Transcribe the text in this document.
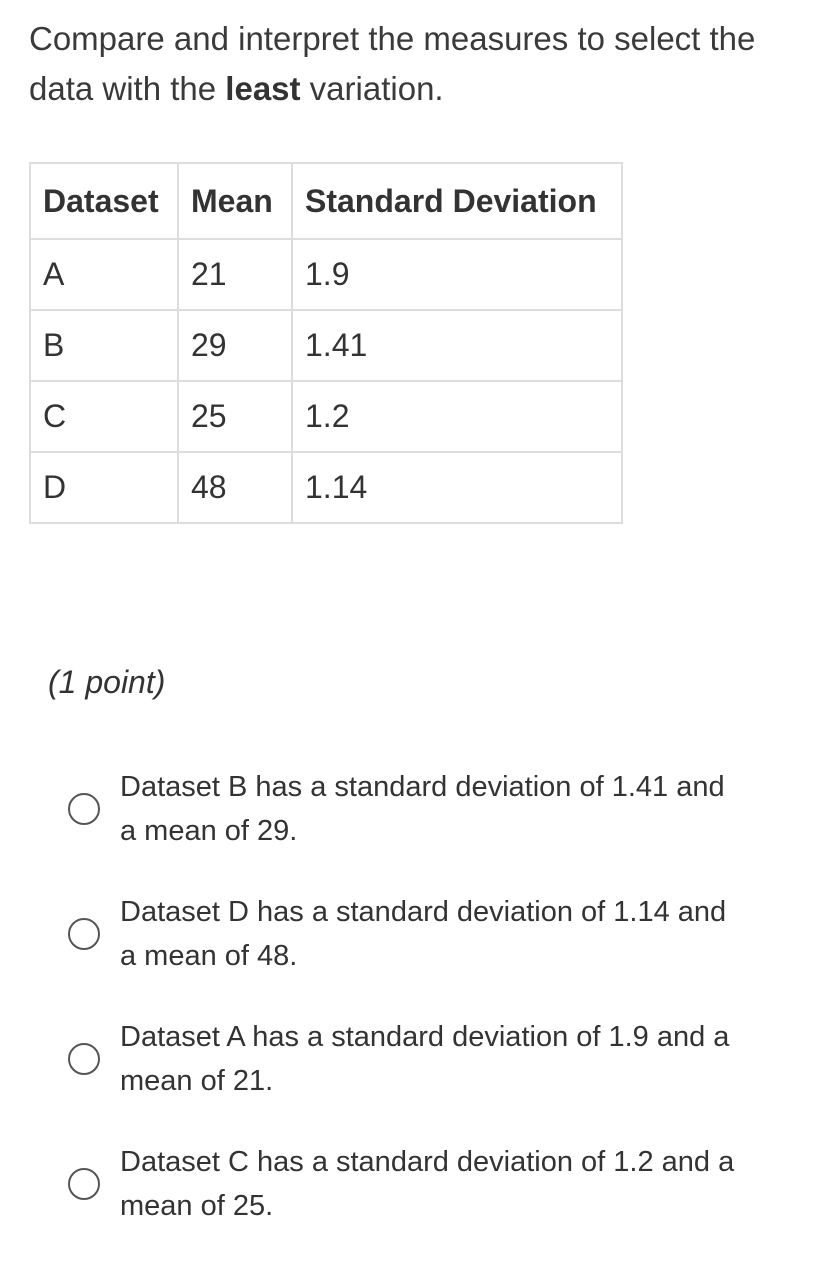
Compare and interpret the measures to select the data with the least variation.

Dataset	Mean	Standard Deviation
A	21	1.9
B	29	1.41
C	25	1.2
D	48	1.14
(1 point)
Dataset B has a standard deviation of 1.41 and a mean of 29.
Dataset D has a standard deviation of 1.14 and a mean of 48.
Dataset A has a standard deviation of 1.9 and a mean of 21.
Dataset C has a standard deviation of 1.2 and a mean of 25.
